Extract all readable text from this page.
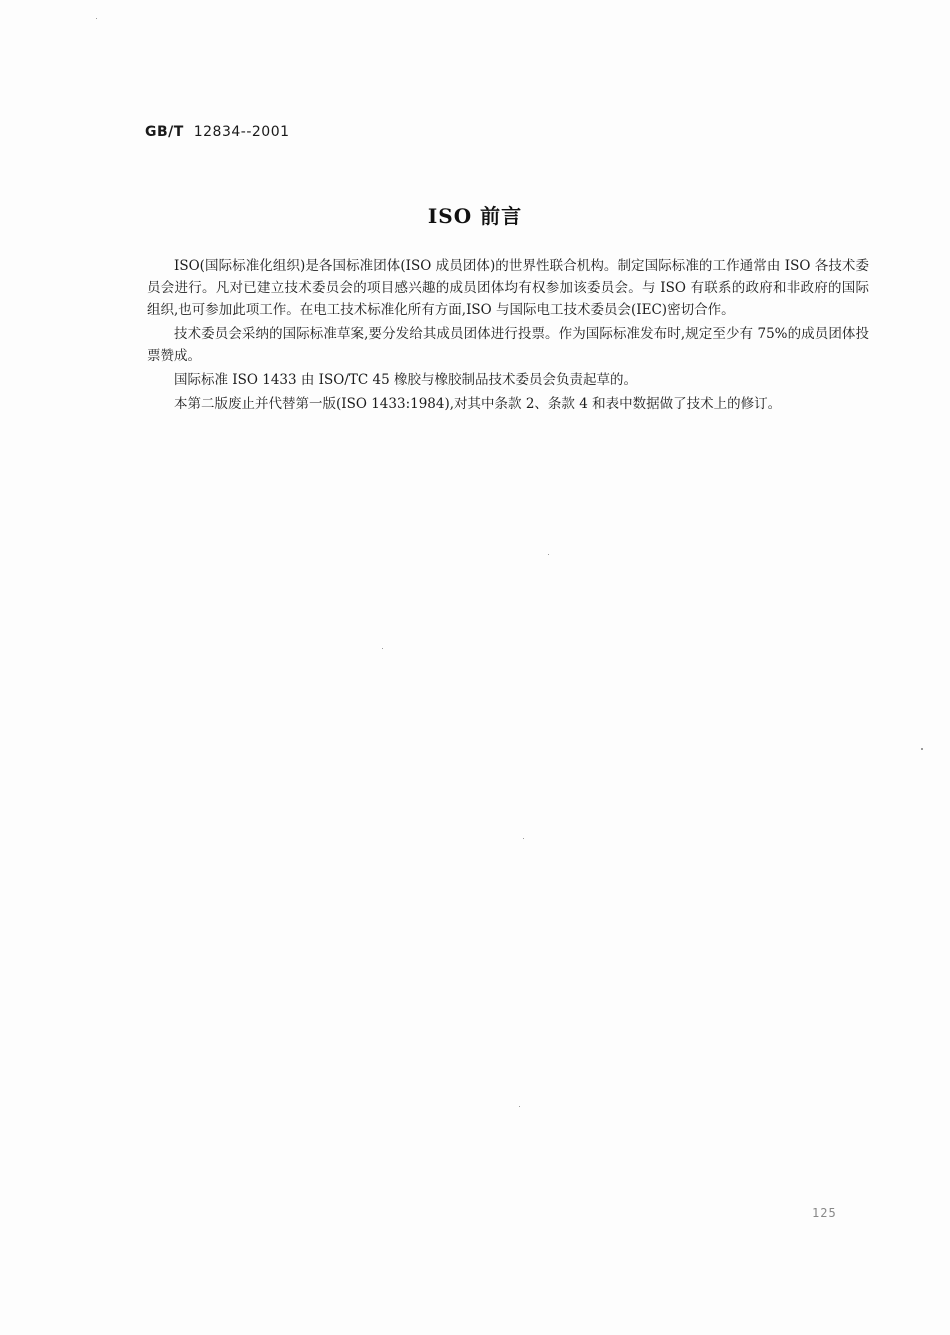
GB/T 12834--2001
ISO 前言

ISO(国际标准化组织)是各国标准团体(ISO 成员团体)的世界性联合机构。制定国际标准的工作通常由 ISO 各技术委员会进行。凡对已建立技术委员会的项目感兴趣的成员团体均有权参加该委员会。与 ISO 有联系的政府和非政府的国际组织,也可参加此项工作。在电工技术标准化所有方面,ISO 与国际电工技术委员会(IEC)密切合作。

技术委员会采纳的国际标准草案,要分发给其成员团体进行投票。作为国际标准发布时,规定至少有 75%的成员团体投票赞成。

国际标准 ISO 1433 由 ISO/TC 45 橡胶与橡胶制品技术委员会负责起草的。

本第二版废止并代替第一版(ISO 1433:1984),对其中条款 2、条款 4 和表中数据做了技术上的修订。

125
